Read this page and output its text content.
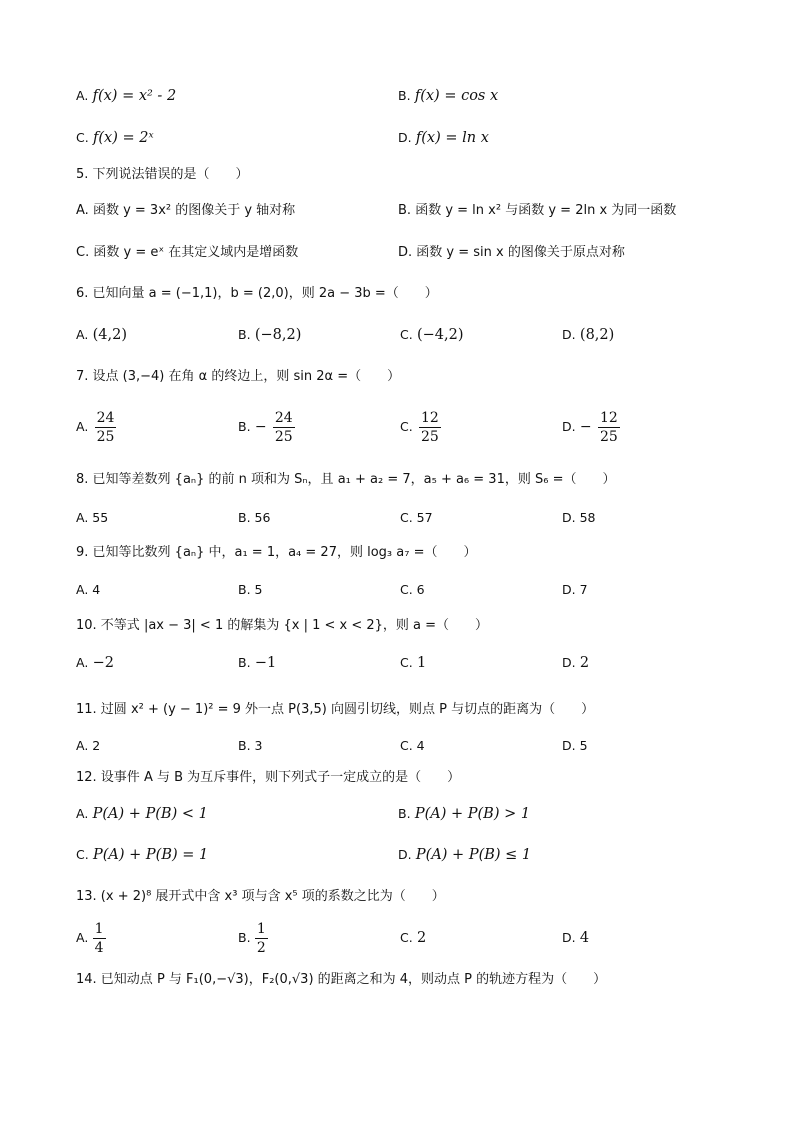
A. f(x) = x² - 2	B. f(x) = cos x
C. f(x) = 2ˣ	D. f(x) = ln x
5. 下列说法错误的是（　　）
A. 函数 y = 3x² 的图像关于 y 轴对称	B. 函数 y = ln x² 与函数 y = 2ln x 为同一函数
C. 函数 y = eˣ 在其定义域内是增函数	D. 函数 y = sin x 的图像关于原点对称
6. 已知向量 a = (−1,1)，b = (2,0)，则 2a − 3b =（　　）
A. (4,2)	B. (−8,2)	C. (−4,2)	D. (8,2)
7. 设点 (3,−4) 在角 α 的终边上，则 sin 2α =（　　）
A. $\frac{24}{25}$	B. − $\frac{24}{25}$	C. $\frac{12}{25}$	D. − $\frac{12}{25}$
8. 已知等差数列 {aₙ} 的前 n 项和为 Sₙ，且 a₁ + a₂ = 7，a₅ + a₆ = 31，则 S₆ =（　　）
A. 55	B. 56	C. 57	D. 58
9. 已知等比数列 {aₙ} 中，a₁ = 1，a₄ = 27，则 log₃ a₇ =（　　）
A. 4	B. 5	C. 6	D. 7
10. 不等式 |ax − 3| < 1 的解集为 {x | 1 < x < 2}，则 a =（　　）
A. −2	B. −1	C. 1	D. 2
11. 过圆 x² + (y − 1)² = 9 外一点 P(3,5) 向圆引切线，则点 P 与切点的距离为（　　）
A. 2	B. 3	C. 4	D. 5
12. 设事件 A 与 B 为互斥事件，则下列式子一定成立的是（　　）
A. P(A) + P(B) < 1	B. P(A) + P(B) > 1
C. P(A) + P(B) = 1	D. P(A) + P(B) ≤ 1
13. (x + 2)⁸ 展开式中含 x³ 项与含 x⁵ 项的系数之比为（　　）
A. $\frac{1}{4}$	B. $\frac{1}{2}$	C. 2	D. 4
14. 已知动点 P 与 F₁(0,−√3)，F₂(0,√3) 的距离之和为 4，则动点 P 的轨迹方程为（　　）
